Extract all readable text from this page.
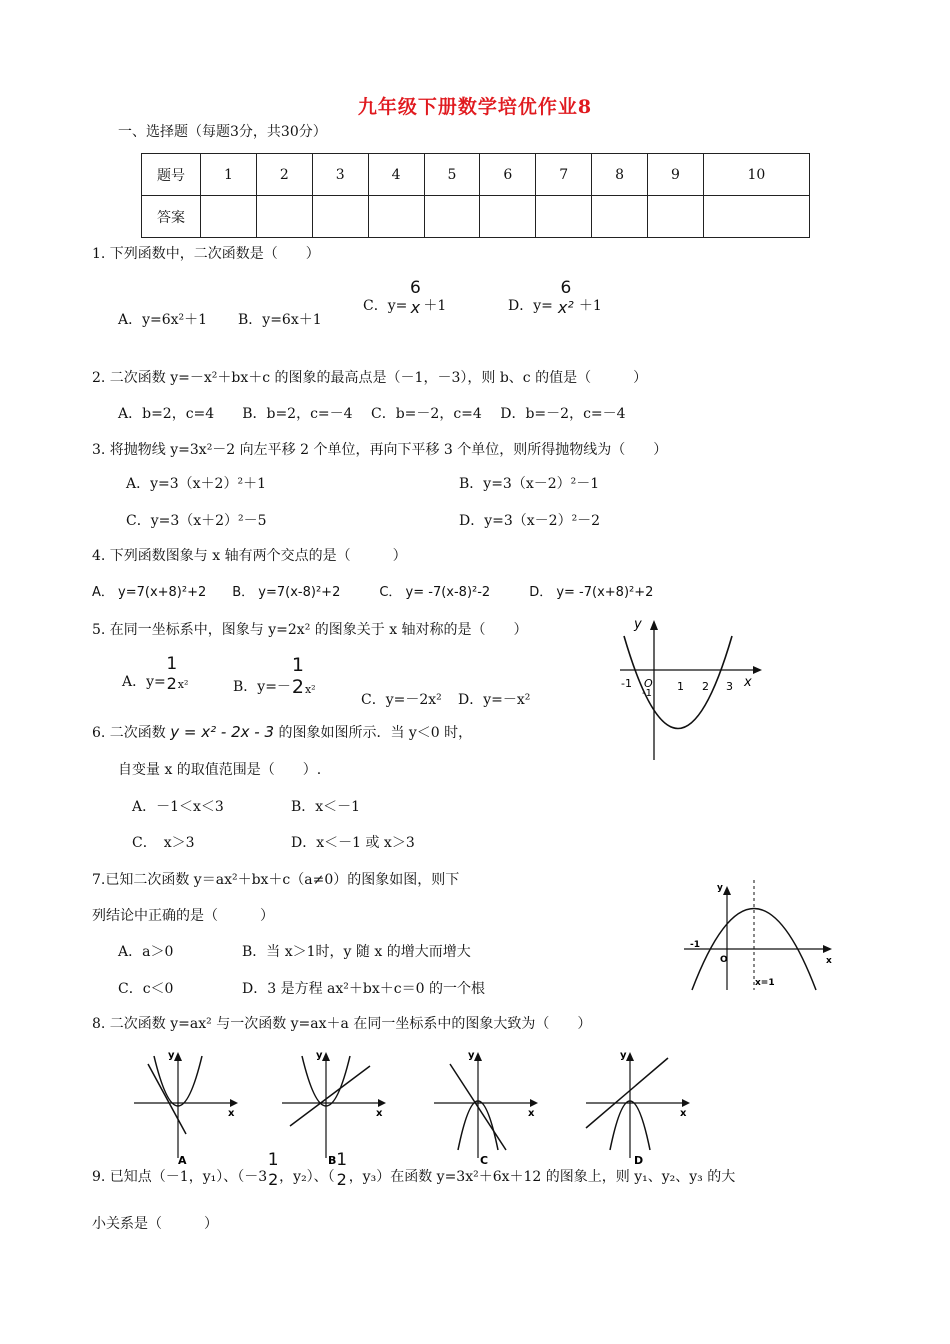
九年级下册数学培优作业8
一、选择题（每题3分，共30分）
题号	1	2	3	4	5	6	7	8	9	10
答案										
1. 下列函数中，二次函数是（　　）
A．y=6x²＋1 B．y=6x＋1
C．y=
6
x ＋1	D．y=
6
x² ＋1
2. 二次函数 y=－x²＋bx＋c 的图象的最高点是（－1，－3），则 b、c 的值是（　　　）
A．b=2，c=4　　B．b=2，c=－4　 C．b=－2，c=4　 D．b=－2，c=－4
3. 将抛物线 y=3x²－2 向左平移 2 个单位，再向下平移 3 个单位，则所得抛物线为（　　）
A．y=3（x＋2）²＋1	B．y=3（x－2）²－1
C．y=3（x＋2）²－5	D．y=3（x－2）²－2
4. 下列函数图象与 x 轴有两个交点的是（　　　）
A． y=7(x+8)²+2　　B． y=7(x-8)²+2　　　C． y= -7(x-8)²-2　　　D． y= -7(x+8)²+2
5. 在同一坐标系中，图象与 y=2x² 的图象关于 x 轴对称的是（　　）
A．y=
1
2 x²	B．y=－
1
2 x²
C．y=－2x² D．y=－x²
6. 二次函数 y = x² - 2x - 3 的图象如图所示．当 y＜0 时，
自变量 x 的取值范围是（　　）.
A．－1＜x＜3	B．x＜－1
C．　x＞3	D．x＜－1 或 x＞3
y
x
O
-1	1 2 3
-1
7.已知二次函数 y＝ax²＋bx＋c（a≠0）的图象如图，则下
列结论中正确的是（　　　）
A．a＞0	B．当 x＞1时，y 随 x 的增大而增大
C．c＜0	D．3 是方程 ax²＋bx＋c＝0 的一个根
y
x
O
-1
x=1
8. 二次函数 y=ax² 与一次函数 y=ax＋a 在同一坐标系中的图象大致为（　　）
y
x
A
y
x
B
y
x
C
y
x
D
9. 已知点（－1，y₁）、（－3
1
2 ，y₂）、（
1
2 ，y₃）在函数 y=3x²＋6x＋12 的图象上，则 y₁、y₂、y₃ 的大
小关系是（　　　）
